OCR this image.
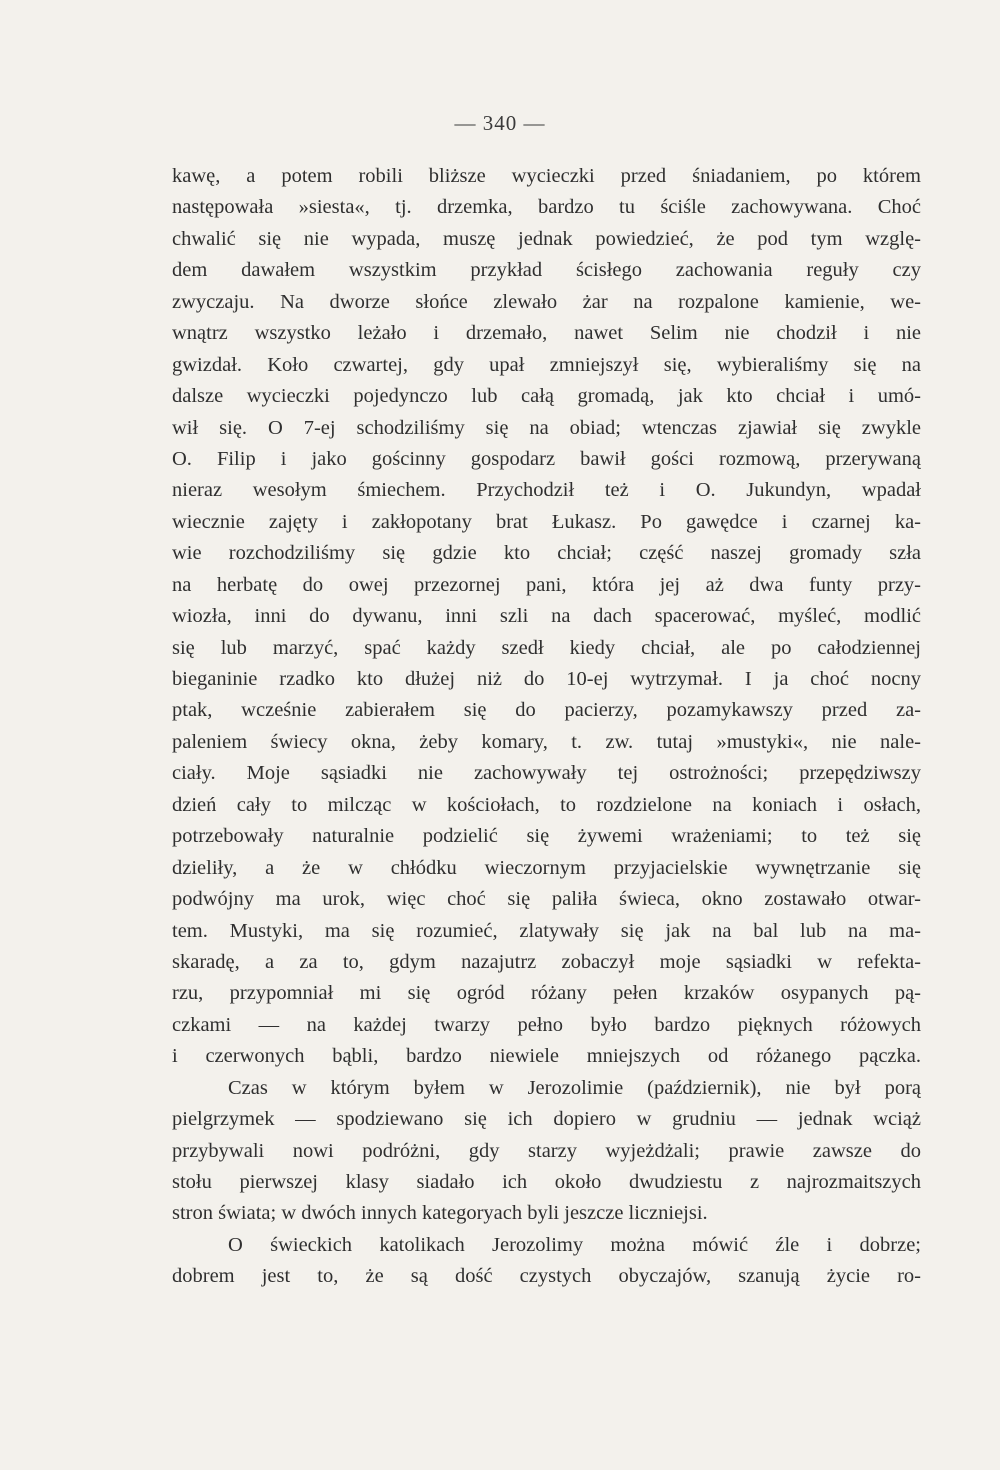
— 340 —
kawę, a potem robili bliższe wycieczki przed śniadaniem, po którem
następowała »siesta«, tj. drzemka, bardzo tu ściśle zachowywana. Choć
chwalić się nie wypada, muszę jednak powiedzieć, że pod tym wzglę-
dem dawałem wszystkim przykład ścisłego zachowania reguły czy
zwyczaju. Na dworze słońce zlewało żar na rozpalone kamienie, we-
wnątrz wszystko leżało i drzemało, nawet Selim nie chodził i nie
gwizdał. Koło czwartej, gdy upał zmniejszył się, wybieraliśmy się na
dalsze wycieczki pojedynczo lub całą gromadą, jak kto chciał i umó-
wił się. O 7-ej schodziliśmy się na obiad; wtenczas zjawiał się zwykle
O. Filip i jako gościnny gospodarz bawił gości rozmową, przerywaną
nieraz wesołym śmiechem. Przychodził też i O. Jukundyn, wpadał
wiecznie zajęty i zakłopotany brat Łukasz. Po gawędce i czarnej ka-
wie rozchodziliśmy się gdzie kto chciał; część naszej gromady szła
na herbatę do owej przezornej pani, która jej aż dwa funty przy-
wiozła, inni do dywanu, inni szli na dach spacerować, myśleć, modlić
się lub marzyć, spać każdy szedł kiedy chciał, ale po całodziennej
bieganinie rzadko kto dłużej niż do 10-ej wytrzymał. I ja choć nocny
ptak, wcześnie zabierałem się do pacierzy, pozamykawszy przed za-
paleniem świecy okna, żeby komary, t. zw. tutaj »mustyki«, nie nale-
ciały. Moje sąsiadki nie zachowywały tej ostrożności; przepędziwszy
dzień cały to milcząc w kościołach, to rozdzielone na koniach i osłach,
potrzebowały naturalnie podzielić się żywemi wrażeniami; to też się
dzieliły, a że w chłódku wieczornym przyjacielskie wywnętrzanie się
podwójny ma urok, więc choć się paliła świeca, okno zostawało otwar-
tem. Mustyki, ma się rozumieć, zlatywały się jak na bal lub na ma-
skaradę, a za to, gdym nazajutrz zobaczył moje sąsiadki w refekta-
rzu, przypomniał mi się ogród różany pełen krzaków osypanych pą-
czkami — na każdej twarzy pełno było bardzo pięknych różowych
i czerwonych bąbli, bardzo niewiele mniejszych od różanego pączka.
Czas w którym byłem w Jerozolimie (październik), nie był porą
pielgrzymek — spodziewano się ich dopiero w grudniu — jednak wciąż
przybywali nowi podróżni, gdy starzy wyjeżdżali; prawie zawsze do
stołu pierwszej klasy siadało ich około dwudziestu z najrozmaitszych
stron świata; w dwóch innych kategoryach byli jeszcze liczniejsi.
O świeckich katolikach Jerozolimy można mówić źle i dobrze;
dobrem jest to, że są dość czystych obyczajów, szanują życie ro-
